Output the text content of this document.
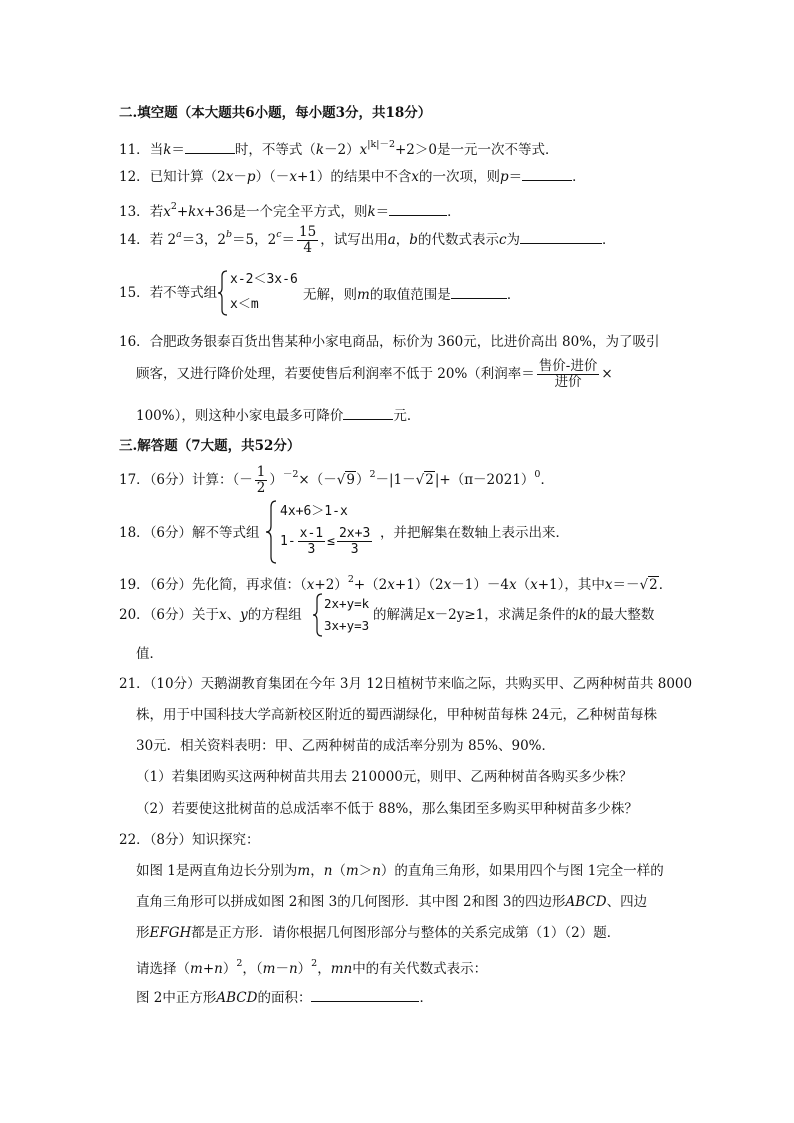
二.填空题（本大题共6小题，每小题3分，共18分）
11．当k＝	时，不等式$(k-2)x^{|k|-2}+2>0$是一元一次不等式．
12．已知计算（2x－p）（－x+1）的结果中不含x的一次项，则p＝	．
13．若$x^2+kx+36$是一个完全平方式，则k＝	．
14．若 $2^a=3$，$2^b=5$，$2^c= \frac{15}{4}$ ，试写出用a，b的代数式表示c为	．
15．若不等式组
x-2＜3x-6
x＜m
无解，则m的取值范围是	．
16．合肥政务银泰百货出售某种小家电商品，标价为 360元，比进价高出 80%，为了吸引
顾客，又进行降价处理，若要使售后利润率不低于 20%（利润率＝ $\frac{\text{售价-进价}}{\text{进价}}$ ×
100%），则这种小家电最多可降价	元．
三.解答题（7大题，共52分）
17．（6分）计算：（－ $\frac{1}{2} )^{-2}\times(-√9)^2-|1-√2|+(\pi-2021)^0$．
18．（6分）解不等式组
4x+6＞1-x
$1- \frac{x-1}{3} \le \frac{2x+3}{3}$ ，并把解集在数轴上表示出来．
19．（6分）先化简，再求值：$(x+2)^2+(2x+1)(2x-1)-4x(x+1)$，其中x＝－√2．
20．（6分）关于x、y的方程组
2x+y=k
3x+y=3
的解满足x－2y≥1，求满足条件的k的最大整数
值．
21．（10分）天鹅湖教育集团在今年 3月 12日植树节来临之际，共购买甲、乙两种树苗共 8000
株，用于中国科技大学高新校区附近的蜀西湖绿化，甲种树苗每株 24元，乙种树苗每株
30元．相关资料表明：甲、乙两种树苗的成活率分别为 85%、90%．
（1）若集团购买这两种树苗共用去 210000元，则甲、乙两种树苗各购买多少株？
（2）若要使这批树苗的总成活率不低于 88%，那么集团至多购买甲种树苗多少株？
22．（8分）知识探究：
如图 1是两直角边长分别为m，n（m＞n）的直角三角形，如果用四个与图 1完全一样的
直角三角形可以拼成如图 2和图 3的几何图形．其中图 2和图 3的四边形ABCD、四边
形EFGH都是正方形．请你根据几何图形部分与整体的关系完成第（1）（2）题．
请选择$(m+n)^2$，$(m-n)^2$，mn中的有关代数式表示：
图 2中正方形ABCD的面积：	．
